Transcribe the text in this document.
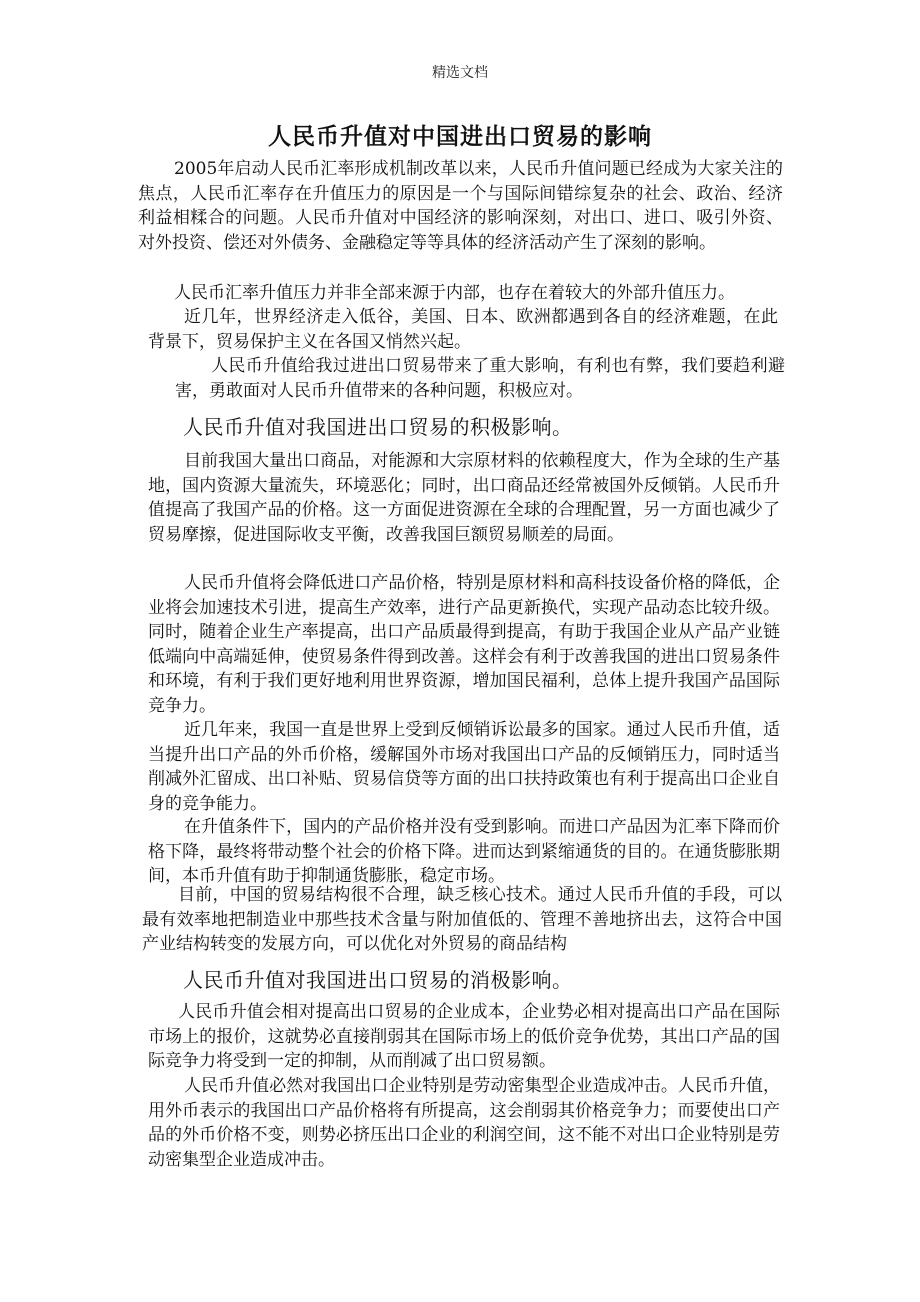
精选文档
人民币升值对中国进出口贸易的影响
2005年启动人民币汇率形成机制改革以来，人民币升值问题已经成为大家关注的焦点，人民币汇率存在升值压力的原因是一个与国际间错综复杂的社会、政治、经济利益相糅合的问题。人民币升值对中国经济的影响深刻，对出口、进口、吸引外资、对外投资、偿还对外债务、金融稳定等等具体的经济活动产生了深刻的影响。
人民币汇率升值压力并非全部来源于内部，也存在着较大的外部升值压力。
近几年，世界经济走入低谷，美国、日本、欧洲都遇到各自的经济难题，在此背景下，贸易保护主义在各国又悄然兴起。
人民币升值给我过进出口贸易带来了重大影响，有利也有弊，我们要趋利避害，勇敢面对人民币升值带来的各种问题，积极应对。
人民币升值对我国进出口贸易的积极影响。
目前我国大量出口商品，对能源和大宗原材料的依赖程度大，作为全球的生产基地，国内资源大量流失，环境恶化；同时，出口商品还经常被国外反倾销。人民币升值提高了我国产品的价格。这一方面促进资源在全球的合理配置，另一方面也减少了贸易摩擦，促进国际收支平衡，改善我国巨额贸易顺差的局面。
人民币升值将会降低进口产品价格，特别是原材料和高科技设备价格的降低，企业将会加速技术引进，提高生产效率，进行产品更新换代，实现产品动态比较升级。同时，随着企业生产率提高，出口产品质最得到提高，有助于我国企业从产品产业链低端向中高端延伸，使贸易条件得到改善。这样会有利于改善我国的进出口贸易条件和环境，有利于我们更好地利用世界资源，增加国民福利，总体上提升我国产品国际竞争力。
近几年来，我国一直是世界上受到反倾销诉讼最多的国家。通过人民币升值，适当提升出口产品的外币价格，缓解国外市场对我国出口产品的反倾销压力，同时适当削减外汇留成、出口补贴、贸易信贷等方面的出口扶持政策也有利于提高出口企业自身的竞争能力。
在升值条件下，国内的产品价格并没有受到影响。而进口产品因为汇率下降而价格下降，最终将带动整个社会的价格下降。进而达到紧缩通货的目的。在通货膨胀期间，本币升值有助于抑制通货膨胀，稳定市场。
目前，中国的贸易结构很不合理，缺乏核心技术。通过人民币升值的手段，可以最有效率地把制造业中那些技术含量与附加值低的、管理不善地挤出去，这符合中国产业结构转变的发展方向，可以优化对外贸易的商品结构
人民币升值对我国进出口贸易的消极影响。
人民币升值会相对提高出口贸易的企业成本，企业势必相对提高出口产品在国际市场上的报价，这就势必直接削弱其在国际市场上的低价竞争优势，其出口产品的国际竞争力将受到一定的抑制，从而削减了出口贸易额。
人民币升值必然对我国出口企业特别是劳动密集型企业造成冲击。人民币升值，用外币表示的我国出口产品价格将有所提高，这会削弱其价格竞争力；而要使出口产品的外币价格不变，则势必挤压出口企业的利润空间，这不能不对出口企业特别是劳动密集型企业造成冲击。
